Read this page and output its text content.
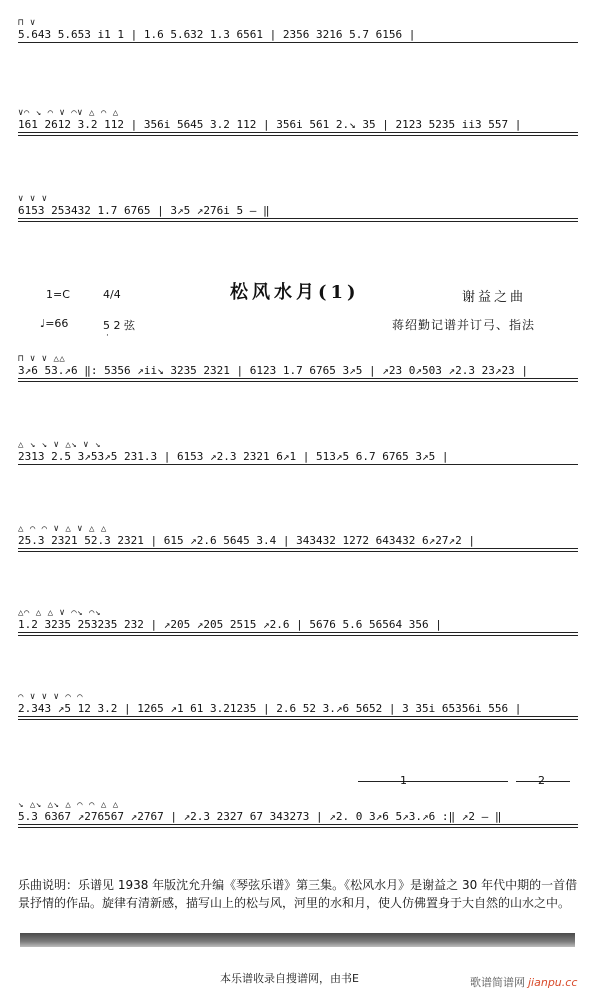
⊓ ∨
5.643 5.653 i1 1 | 1.6 5.632 1.3 6561 | 2356 3216 5.7 6156 |
∨⌒ ↘ ⌒ ∨ ⌒∨ △ ⌒ △
161 2612 3.2 112 | 356i 5645 3.2 112 | 356i 561 2.↘ 35 | 2123 5235 ii3 557 |
∨ ∨ ∨
6153 253432 1.7 6765 | 3↗5 ↗276i 5 – ‖
松风水月(1)	谢益之曲
1=C	4/4
♩=66	5 2 弦
·
蒋绍勤记谱并订弓、指法
⊓ ∨ ∨ △△
3↗6 53.↗6 ‖: 5356 ↗ii↘ 3235 2321 | 6123 1.7 6765 3↗5 | ↗23 0↗503 ↗2.3 23↗23 |
△ ↘ ↘ ∨ △↘ ∨ ↘
2313 2.5 3↗53↗5 231.3 | 6153 ↗2.3 2321 6↗1 | 513↗5 6.7 6765 3↗5 |
△ ⌒ ⌒ ∨ △ ∨ △ △
25.3 2321 52.3 2321 | 615 ↗2.6 5645 3.4 | 343432 1272 643432 6↗27↗2 |
△⌒ △ △ ∨ ⌒↘ ⌒↘
1.2 3235 253235 232 | ↗205 ↗205 2515 ↗2.6 | 5676 5.6 56564 356 |
⌒ ∨ ∨ ∨ ⌒ ⌒
2.343 ↗5 12 3.2 | 1265 ↗1 61 3.21235 | 2.6 52 3.↗6 5652 | 3 35i 65356i 556 |
↘ △↘ △↘ △ ⌒ ⌒ △ △
5.3 6367 ↗276567 ↗2767 | ↗2.3 2327 67 343273 | ↗2. 0 3↗6 5↗3.↗6 :‖ ↗2 – ‖
1	2
乐曲说明：乐谱见 1938 年版沈允升编《琴弦乐谱》第三集。《松风水月》是谢益之 30 年代中期的一首借景抒情的作品。旋律有清新感，描写山上的松与风，河里的水和月，使人仿佛置身于大自然的山水之中。
本乐谱收录自搜谱网，由书E	歌谱简谱网 jianpu.cc
